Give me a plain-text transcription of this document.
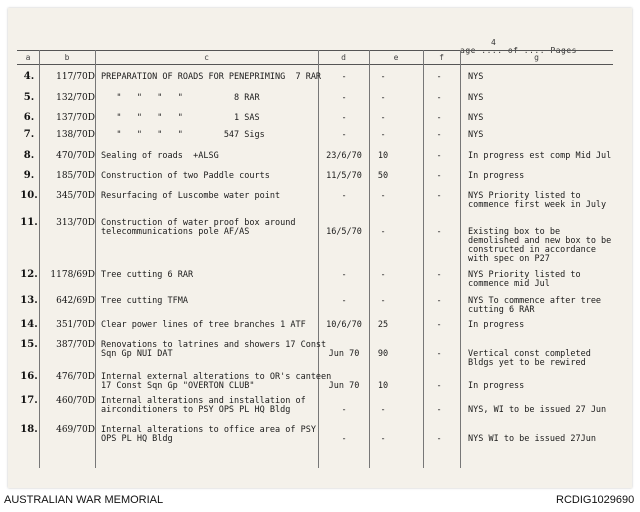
4
a	b	c	d	e	f	g
4.	117/70D PREPARATION OF ROADS FOR PENEPRIMING  7 RAR	-	-	-	NYS
5.	132/70D "   "   "   "          8 RAR	-	-	-	NYS
6.	137/70D "   "   "   "          1 SAS	-	-	-	NYS
7.	138/70D "   "   "   "        547 Sigs	-	-	-	NYS
8.	470/70D Sealing of roads  +ALSG	23/6/70	10	-	In progress est comp Mid Jul
9.	185/70D Construction of two Paddle courts	11/5/70	50	-	In progress
10.	345/70D Resurfacing of Luscombe water point	-	-	-	NYS Priority listed to
commence first week in July
11.	313/70D Construction of water proof box around
telecommunications pole AF/AS	16/5/70	-	-	Existing box to be
demolished and new box to be
constructed in accordance
with spec on P27
12.	1178/69D Tree cutting 6 RAR	-	-	-	NYS Priority listed to
commence mid Jul
13.	642/69D Tree cutting TFMA	-	-	-	NYS To commence after tree
cutting 6 RAR
14.	351/70D Clear power lines of tree branches 1 ATF	10/6/70	25	-	In progress
15.	387/70D Renovations to latrines and showers 17 Const
Sqn Gp NUI DAT	Jun 70	90	-	Vertical const completed
Bldgs yet to be rewired
16.	476/70D Internal external alterations to OR's canteen
17 Const Sqn Gp "OVERTON CLUB"	Jun 70	10	-	In progress
17.	460/70D Internal alterations and installation of
airconditioners to PSY OPS PL HQ Bldg	-	-	-	NYS, WI to be issued 27 Jun
18.	469/70D Internal alterations to office area of PSY
OPS PL HQ Bldg	-	-	-	NYS WI to be issued 27Jun
AUSTRALIAN WAR MEMORIAL	RCDIG1029690
